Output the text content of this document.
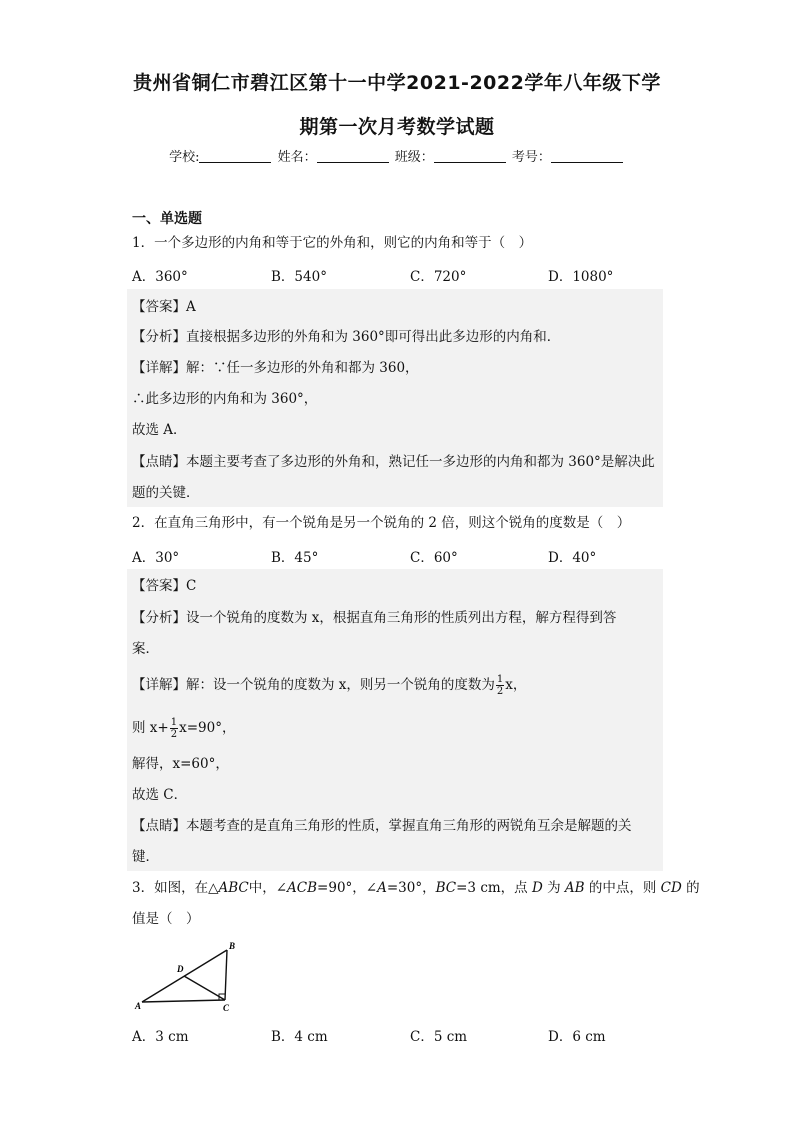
贵州省铜仁市碧江区第十一中学2021-2022学年八年级下学
期第一次月考数学试题
学校:	姓名：	班级：	考号：
一、单选题
1．一个多边形的内角和等于它的外角和，则它的内角和等于（　）
A．360°	B．540°	C．720°	D．1080°
【答案】A
【分析】直接根据多边形的外角和为 360°即可得出此多边形的内角和．
【详解】解：∵任一多边形的外角和都为 360，
∴此多边形的内角和为 360°，
故选 A．
【点睛】本题主要考查了多边形的外角和，熟记任一多边形的内角和都为 360°是解决此
题的关键．
2．在直角三角形中，有一个锐角是另一个锐角的 2 倍，则这个锐角的度数是（　）
A．30°	B．45°	C．60°	D．40°
【答案】C
【分析】设一个锐角的度数为 x，根据直角三角形的性质列出方程，解方程得到答
案．
【详解】解：设一个锐角的度数为 x，则另一个锐角的度数为 $\frac{1}{2}$ x，
则 $x+ \frac{1}{2} x=90^\circ$，
解得，x=60°，
故选 C．
【点睛】本题考查的是直角三角形的性质，掌握直角三角形的两锐角互余是解题的关
键．
3．如图，在△ABC中，∠ACB=90°，∠A=30°，BC=3 cm，点 D 为 AB 的中点，则 CD 的
值是（　）
B
D
A	C
A．3 cm	B．4 cm	C．5 cm	D．6 cm
